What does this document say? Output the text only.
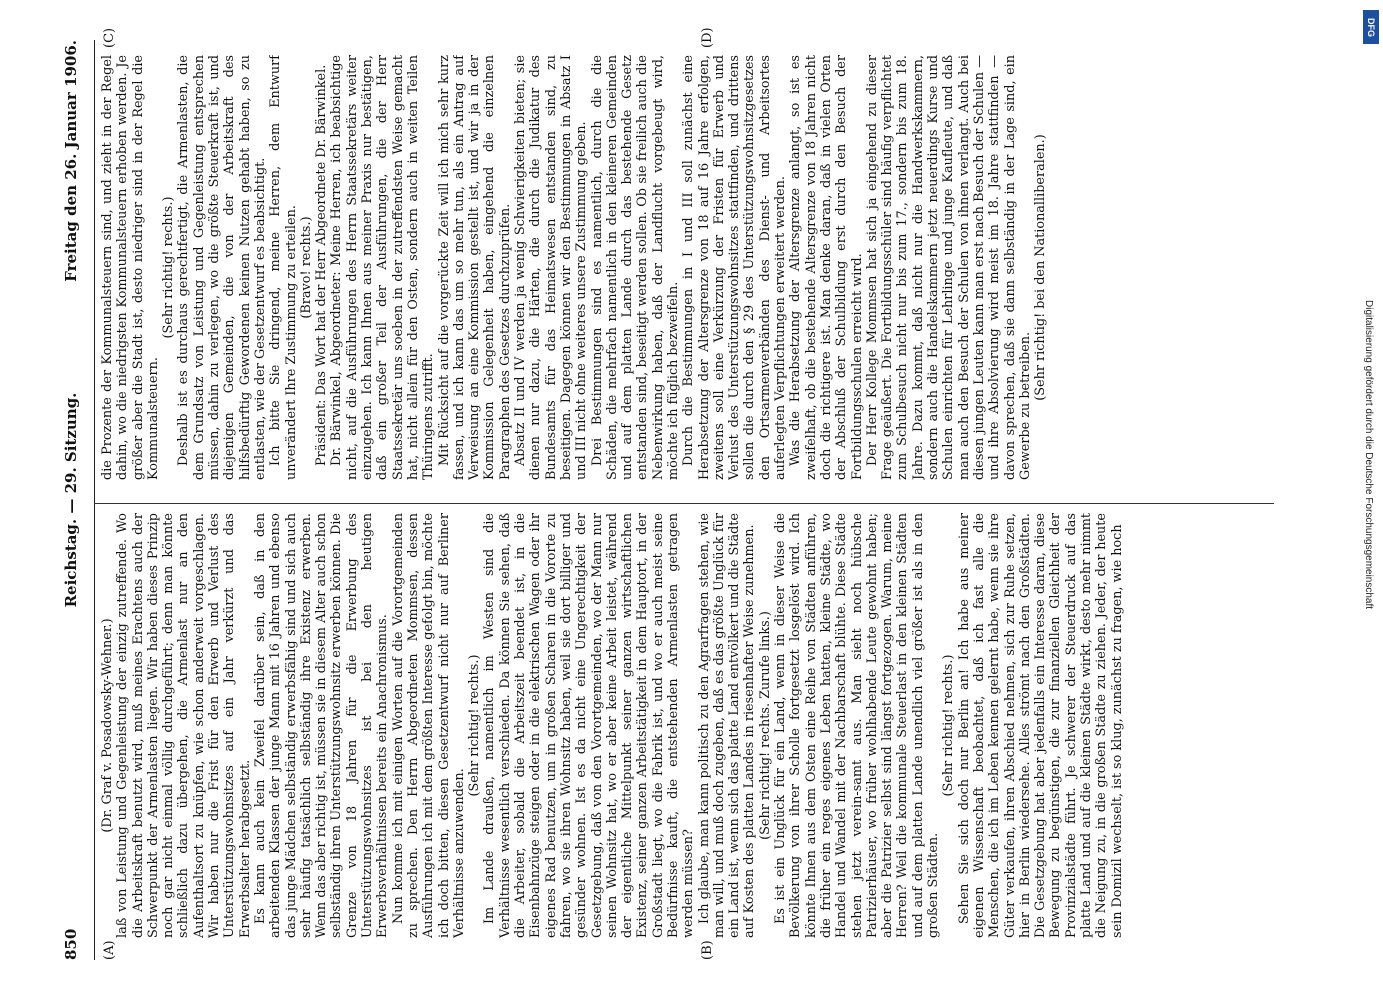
850
Reichstag. — 29. Sitzung.
Freitag den 26. Januar 1906.
(A)	(B)
(C)	(D)

(Dr. Graf v. Posadowsky-Wehner.) laß von Leistung und Gegenleistung der einzig zutreffende. Wo die Arbeitskraft benutzt wird, muß meines Erachtens auch der Schwerpunkt der Armenlasten liegen. Wir haben dieses Prinzip noch gar nicht einmal völlig durchgeführt; denn man könnte schließlich dazu übergehen, die Armenlast nur an den Aufenthaltsort zu knüpfen, wie schon anderweit vorgeschlagen. Wir haben nur die Frist für den Erwerb und Verlust des Unterstützungswohnsitzes auf ein Jahr verkürzt und das Erwerbsalter herabgesetzt. Es kann auch kein Zweifel darüber sein, daß in den arbeitenden Klassen der junge Mann mit 16 Jahren und ebenso das junge Mädchen selbständig erwerbsfähig sind und sich auch sehr häufig tatsächlich selbständig ihre Existenz erwerben. Wenn das aber richtig ist, müssen sie in diesem Alter auch schon selbständig ihren Unterstützungswohnsitz erwerben können. Die Grenze von 18 Jahren für die Erwerbung des Unterstützungswohnsitzes ist bei den heutigen Erwerbsverhältnissen bereits ein Anachronismus. Nun komme ich mit einigen Worten auf die Vorortgemeinden zu sprechen. Den Herrn Abgeordneten Mommsen, dessen Ausführungen ich mit dem größten Interesse gefolgt bin, möchte ich doch bitten, diesen Gesetzentwurf nicht nur auf Berliner Verhältnisse anzuwenden.

(Sehr richtig! rechts.) Im Lande draußen, namentlich im Westen sind die Verhältnisse wesentlich verschieden. Da können Sie sehen, daß die Arbeiter, sobald die Arbeitszeit beendet ist, in die Eisenbahnzüge steigen oder in die elektrischen Wagen oder ihr eigenes Rad benutzen, um in großen Scharen in die Vororte zu fahren, wo sie ihren Wohnsitz haben, weil sie dort billiger und gesünder wohnen. Ist es da nicht eine Ungerechtigkeit der Gesetzgebung, daß von den Vorortgemeinden, wo der Mann nur seinen Wohnsitz hat, wo er aber keine Arbeit leistet, während der eigentliche Mittelpunkt seiner ganzen wirtschaftlichen Existenz, seiner ganzen Arbeitstätigkeit in dem Hauptort, in der Großstadt liegt, wo die Fabrik ist, und wo er auch meist seine Bedürfnisse kauft, die entstehenden Armenlasten getragen werden müssen? Ich glaube, man kann politisch zu den Agrarfragen stehen, wie man will, und muß doch zugeben, daß es das größte Unglück für ein Land ist, wenn sich das platte Land entvölkert und die Städte auf Kosten des platten Landes in riesenhafter Weise zunehmen. (Sehr richtig! rechts. Zurufe links.) Es ist ein Unglück für ein Land, wenn in dieser Weise die Bevölkerung von ihrer Scholle fortgesetzt losgelöst wird. Ich könnte Ihnen aus dem Osten eine Reihe von Städten anführen, die früher ein reges eigenes Leben hatten, kleine Städte, wo Handel und Wandel mit der Nachbarschaft blühte. Diese Städte stehen jetzt verein-samt aus. Man sieht noch hübsche Patrizierhäuser, wo früher wohlhabende Leute gewohnt haben; aber die Patrizier selbst sind längst fortgezogen. Warum, meine Herren? Weil die kommunale Steuerlast in den kleinen Städten und auf dem platten Lande unendlich viel größer ist als in den großen Städten.

(Sehr richtig! rechts.) Sehen Sie sich doch nur Berlin an! Ich habe aus meiner eigenen Wissenschaft beobachtet, daß ich fast alle die Menschen, die ich im Leben kennen gelernt habe, wenn sie ihre Güter verkaufen, ihren Abschied nehmen, sich zur Ruhe setzen, hier in Berlin wiedersehe. Alles strömt nach den Großstädten. Die Gesetzgebung hat aber jedenfalls ein Interesse daran, diese Bewegung zu begünstigen, die zur finanziellen Gleichheit der Provinzialstädte führt. Je schwerer der Steuerdruck auf das platte Land und auf die kleinen Städte wirkt, desto mehr nimmt die Neigung zu, in die großen Städte zu ziehen. Jeder, der heute sein Domizil wechselt, ist so klug, zunächst zu fragen, wie hoch

die Prozente der Kommunalsteuern sind, und zieht in der Regel dahin, wo die niedrigsten Kommunalsteuern erhoben werden. Je größer aber die Stadt ist, desto niedriger sind in der Regel die Kommunalsteuern.

(Sehr richtig! rechts.) Deshalb ist es durchaus gerechtfertigt, die Armenlasten, die dem Grundsatz von Leistung und Gegenleistung entsprechen müssen, dahin zu verlegen, wo die größte Steuerkraft ist, und diejenigen Gemeinden, die von der Arbeitskraft des hilfsbedürftig Gewordenen keinen Nutzen gehabt haben, so zu entlasten, wie der Gesetzentwurf es beabsichtigt. Ich bitte Sie dringend, meine Herren, dem Entwurf unverändert Ihre Zustimmung zu erteilen. (Bravo! rechts.) Präsident: Das Wort hat der Herr Abgeordnete Dr. Bärwinkel. Dr. Bärwinkel, Abgeordneter: Meine Herren, ich beabsichtige nicht, auf die Ausführungen des Herrn Staatssekretärs weiter einzugehen. Ich kann Ihnen aus meiner Praxis nur bestätigen, daß ein großer Teil der Ausführungen, die der Herr Staatssekretär uns soeben in der zutreffendsten Weise gemacht hat, nicht allein für den Osten, sondern auch in weiten Teilen Thüringens zutrifft. Mit Rücksicht auf die vorgerückte Zeit will ich mich sehr kurz fassen, und ich kann das um so mehr tun, als ein Antrag auf Verweisung an eine Kommission gestellt ist, und wir ja in der Kommission Gelegenheit haben, eingehend die einzelnen Paragraphen des Gesetzes durchzuprüfen. Absatz II und IV werden ja wenig Schwierigkeiten bieten; sie dienen nur dazu, die Härten, die durch die Judikatur des Bundesamts für das Heimatswesen entstanden sind, zu beseitigen. Dagegen können wir den Bestimmungen in Absatz I und III nicht ohne weiteres unsere Zustimmung geben. Drei Bestimmungen sind es namentlich, durch die die Schäden, die mehrfach namentlich in den kleineren Gemeinden und auf dem platten Lande durch das bestehende Gesetz entstanden sind, beseitigt werden sollen. Ob sie freilich auch die Nebenwirkung haben, daß der Landflucht vorgebeugt wird, möchte ich füglich bezweifeln. Durch die Bestimmungen in I und III soll zunächst eine Herabsetzung der Altersgrenze von 18 auf 16 Jahre erfolgen, zweitens soll eine Verkürzung der Fristen für Erwerb und Verlust des Unterstützungswohnsitzes stattfinden, und drittens sollen die durch den § 29 des Unterstützungswohnsitzgesetzes den Ortsarmenverbänden des Dienst- und Arbeitsortes auferlegten Verpflichtungen erweitert werden. Was die Herabsetzung der Altersgrenze anlangt, so ist es zweifelhaft, ob die bestehende Altersgrenze von 18 Jahren nicht doch die richtigere ist. Man denke daran, daß in vielen Orten der Abschluß der Schulbildung erst durch den Besuch der Fortbildungsschulen erreicht wird. Der Herr Kollege Mommsen hat sich ja eingehend zu dieser Frage geäußert. Die Fortbildungsschüler sind häufig verpflichtet zum Schulbesuch nicht nur bis zum 17., sondern bis zum 18. Jahre. Dazu kommt, daß nicht nur die Handwerkskammern, sondern auch die Handelskammern jetzt neuerdings Kurse und Schulen einrichten für Lehrlinge und junge Kaufleute, und daß man auch den Besuch der Schulen von ihnen verlangt. Auch bei diesen jungen Leuten kann man erst nach Besuch der Schulen — und ihre Absolvierung wird meist im 18. Jahre stattfinden — davon sprechen, daß sie dann selbständig in der Lage sind, ein Gewerbe zu betreiben.

(Sehr richtig! bei den Nationalliberalen.)

DFG
Digitalisierung gefördert durch die Deutsche Forschungsgemeinschaft
